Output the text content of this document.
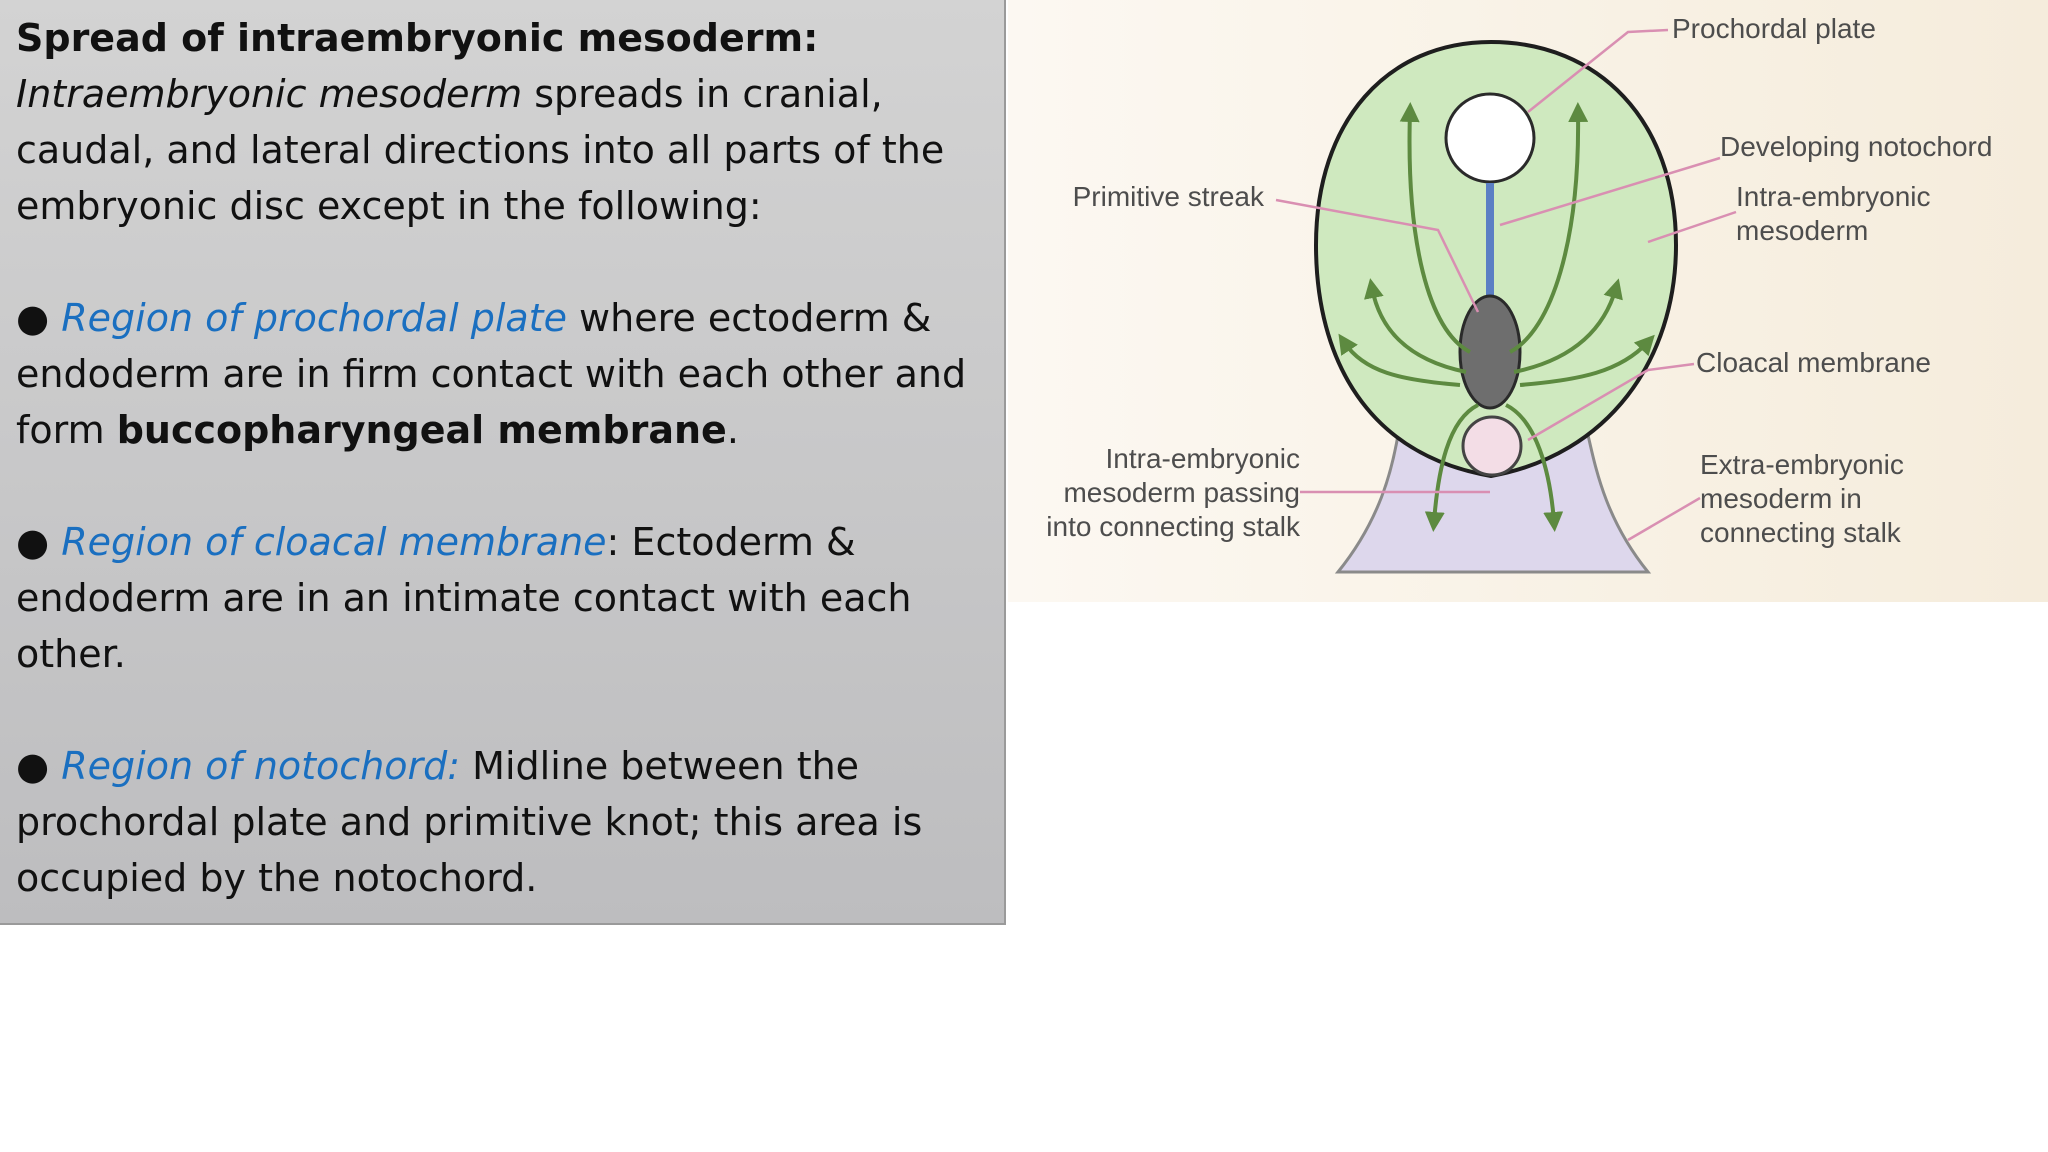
Spread of intraembryonic mesoderm:

Intraembryonic mesoderm spreads in cranial, caudal, and lateral directions into all parts of the embryonic disc except in the following:

● Region of prochordal plate where ectoderm & endoderm are in firm contact with each other and form buccopharyngeal membrane.

● Region of cloacal membrane: Ectoderm & endoderm are in an intimate contact with each other.

● Region of notochord: Midline between the prochordal plate and primitive knot; this area is occupied by the notochord.

Prochordal plate
Developing notochord
Intra-embryonic
mesoderm
Primitive streak
Cloacal membrane
Intra-embryonic
mesoderm passing
into connecting stalk
Extra-embryonic
mesoderm in
connecting stalk
